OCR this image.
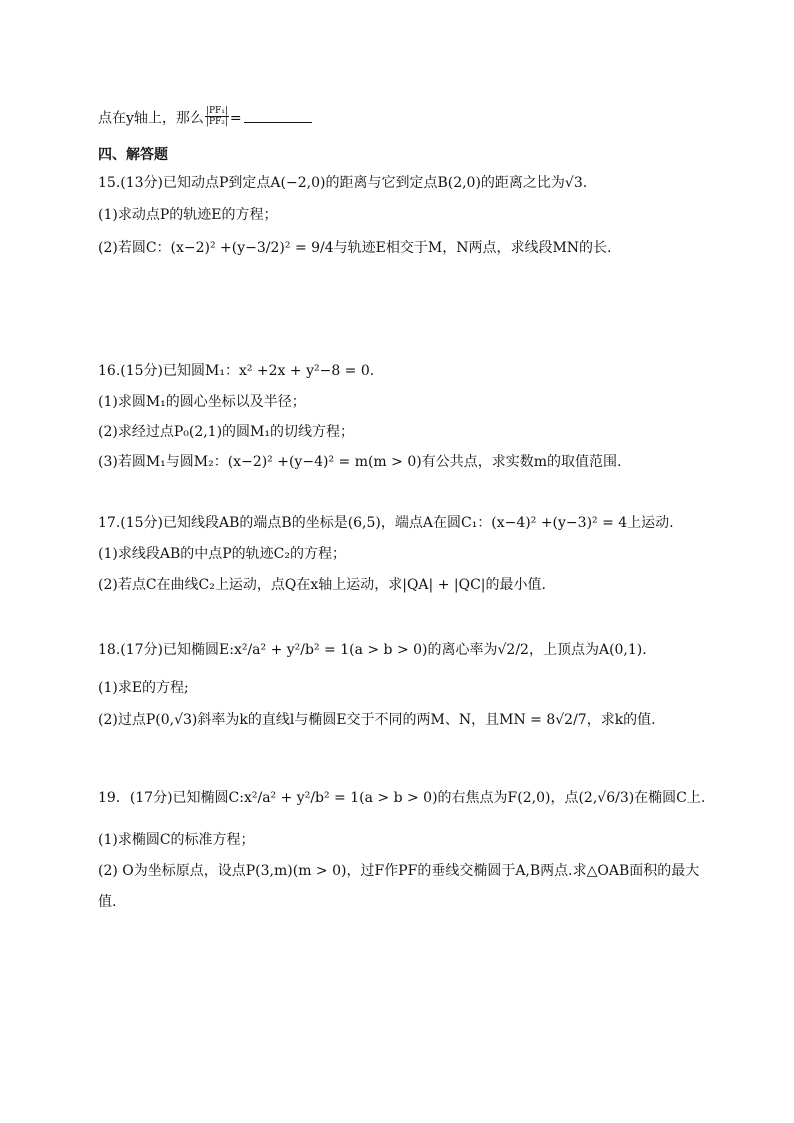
点在y轴上，那么 $\frac{\text{|PF₁|}}{\text{|PF₂|}}$ =
四、解答题
15.(13分)已知动点P到定点A(−2,0)的距离与它到定点B(2,0)的距离之比为√3.
(1)求动点P的轨迹E的方程；
(2)若圆C：(x−2)² +(y−3/2)² = 9/4与轨迹E相交于M，N两点，求线段MN的长.
16.(15分)已知圆M₁：x² +2x + y²−8 = 0.
(1)求圆M₁的圆心坐标以及半径；
(2)求经过点P₀(2,1)的圆M₁的切线方程；
(3)若圆M₁与圆M₂：(x−2)² +(y−4)² = m(m > 0)有公共点，求实数m的取值范围.
17.(15分)已知线段AB的端点B的坐标是(6,5)，端点A在圆C₁：(x−4)² +(y−3)² = 4上运动.
(1)求线段AB的中点P的轨迹C₂的方程；
(2)若点C在曲线C₂上运动，点Q在x轴上运动，求|QA| + |QC|的最小值.
18.(17分)已知椭圆E:x²/a² + y²/b² = 1(a > b > 0)的离心率为√2/2，上顶点为A(0,1).
(1)求E的方程;
(2)过点P(0,√3)斜率为k的直线l与椭圆E交于不同的两M、N，且MN = 8√2/7，求k的值.
19．(17分)已知椭圆C:x²/a² + y²/b² = 1(a > b > 0)的右焦点为F(2,0)，点(2,√6/3)在椭圆C上.
(1)求椭圆C的标准方程；
(2) O为坐标原点，设点P(3,m)(m > 0)，过F作PF的垂线交椭圆于A,B两点.求△OAB面积的最大
值.
